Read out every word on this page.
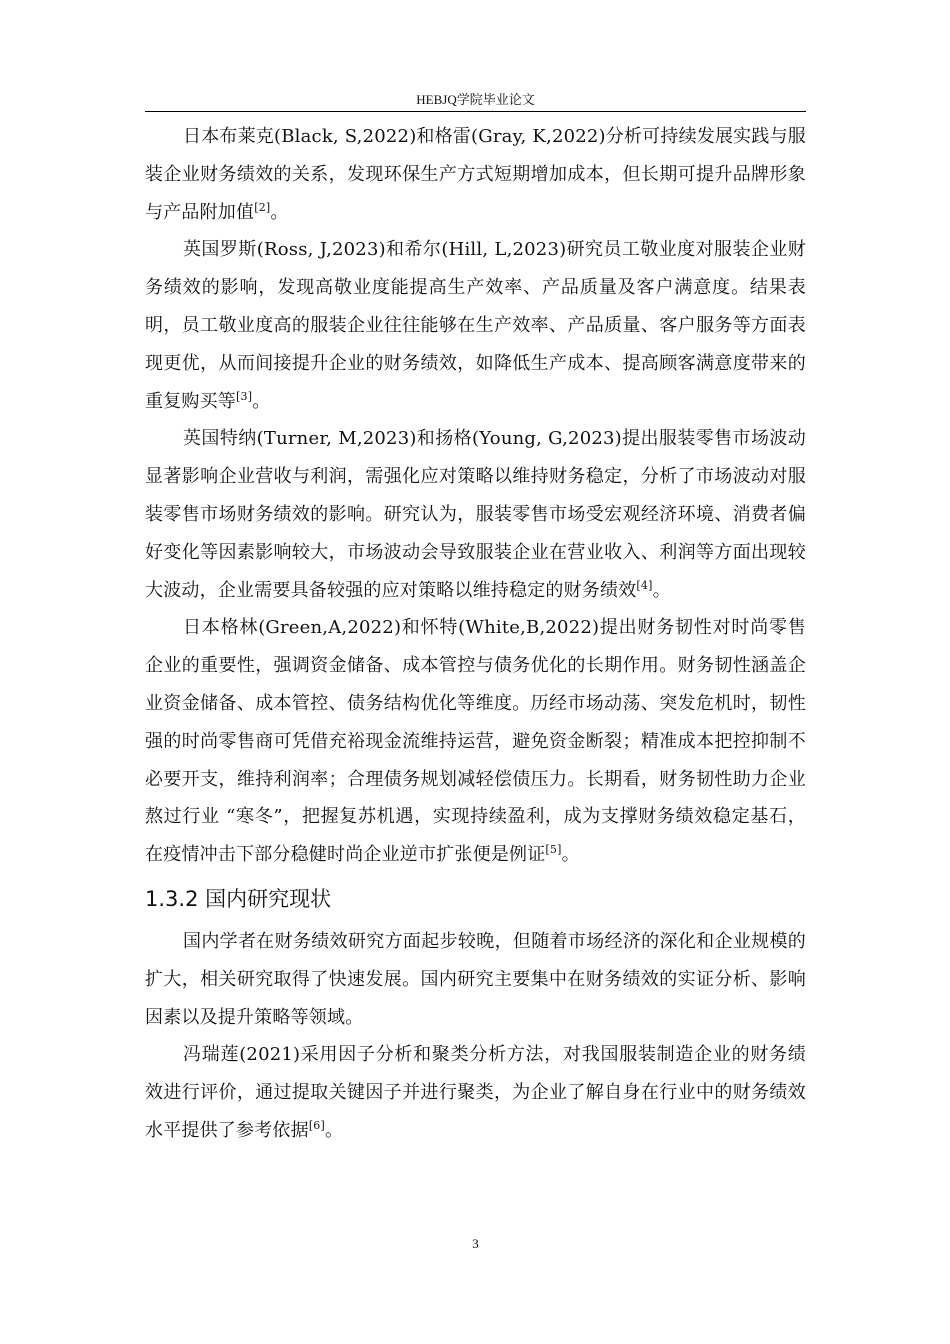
HEBJQ学院毕业论文

日本布莱克(Black, S,2022)和格雷(Gray, K,2022)分析可持续发展实践与服装企业财务绩效的关系，发现环保生产方式短期增加成本，但长期可提升品牌形象与产品附加值[2]。

英国罗斯(Ross, J,2023)和希尔(Hill, L,2023)研究员工敬业度对服装企业财务绩效的影响，发现高敬业度能提高生产效率、产品质量及客户满意度。结果表明，员工敬业度高的服装企业往往能够在生产效率、产品质量、客户服务等方面表现更优，从而间接提升企业的财务绩效，如降低生产成本、提高顾客满意度带来的重复购买等[3]。

英国特纳(Turner, M,2023)和扬格(Young, G,2023)提出服装零售市场波动显著影响企业营收与利润，需强化应对策略以维持财务稳定，分析了市场波动对服装零售市场财务绩效的影响。研究认为，服装零售市场受宏观经济环境、消费者偏好变化等因素影响较大，市场波动会导致服装企业在营业收入、利润等方面出现较大波动，企业需要具备较强的应对策略以维持稳定的财务绩效[4]。

日本格林(Green,A,2022)和怀特(White,B,2022)提出财务韧性对时尚零售企业的重要性，强调资金储备、成本管控与债务优化的长期作用。财务韧性涵盖企业资金储备、成本管控、债务结构优化等维度。历经市场动荡、突发危机时，韧性强的时尚零售商可凭借充裕现金流维持运营，避免资金断裂；精准成本把控抑制不必要开支，维持利润率；合理债务规划减轻偿债压力。长期看，财务韧性助力企业熬过行业 “寒冬”，把握复苏机遇，实现持续盈利，成为支撑财务绩效稳定基石，在疫情冲击下部分稳健时尚企业逆市扩张便是例证[5]。

1.3.2 国内研究现状

国内学者在财务绩效研究方面起步较晚，但随着市场经济的深化和企业规模的扩大，相关研究取得了快速发展。国内研究主要集中在财务绩效的实证分析、影响因素以及提升策略等领域。

冯瑞莲(2021)采用因子分析和聚类分析方法，对我国服装制造企业的财务绩效进行评价，通过提取关键因子并进行聚类，为企业了解自身在行业中的财务绩效水平提供了参考依据[6]。

3
